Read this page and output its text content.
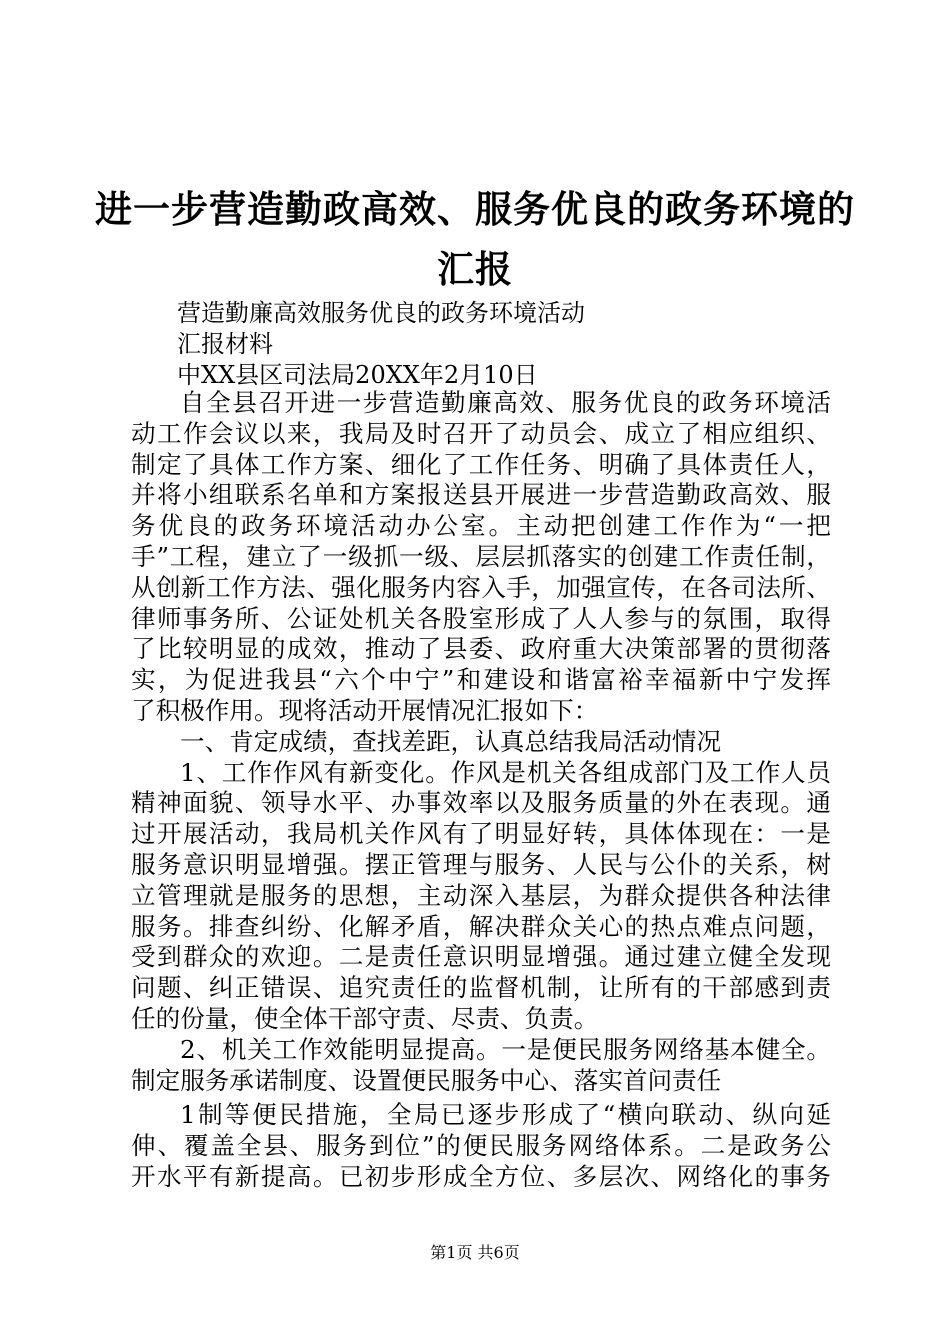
进一步营造勤政高效、服务优良的政务环境的
汇报
营造勤廉高效服务优良的政务环境活动
汇报材料
中XX县区司法局20XX年2月10日

自全县召开进一步营造勤廉高效、服务优良的政务环境活
动工作会议以来，我局及时召开了动员会、成立了相应组织、
制定了具体工作方案、细化了工作任务、明确了具体责任人，
并将小组联系名单和方案报送县开展进一步营造勤政高效、服
务优良的政务环境活动办公室。主动把创建工作作为“一把
手”工程，建立了一级抓一级、层层抓落实的创建工作责任制，
从创新工作方法、强化服务内容入手，加强宣传，在各司法所、
律师事务所、公证处机关各股室形成了人人参与的氛围，取得
了比较明显的成效，推动了县委、政府重大决策部署的贯彻落
实，为促进我县“六个中宁”和建设和谐富裕幸福新中宁发挥
了积极作用。现将活动开展情况汇报如下：

一、肯定成绩，查找差距，认真总结我局活动情况

1、工作作风有新变化。作风是机关各组成部门及工作人员
精神面貌、领导水平、办事效率以及服务质量的外在表现。通
过开展活动，我局机关作风有了明显好转，具体体现在：一是
服务意识明显增强。摆正管理与服务、人民与公仆的关系，树
立管理就是服务的思想，主动深入基层，为群众提供各种法律
服务。排查纠纷、化解矛盾，解决群众关心的热点难点问题，
受到群众的欢迎。二是责任意识明显增强。通过建立健全发现
问题、纠正错误、追究责任的监督机制，让所有的干部感到责
任的份量，使全体干部守责、尽责、负责。

2、机关工作效能明显提高。一是便民服务网络基本健全。
制定服务承诺制度、设置便民服务中心、落实首问责任

1制等便民措施，全局已逐步形成了“横向联动、纵向延
伸、覆盖全县、服务到位”的便民服务网络体系。二是政务公
开水平有新提高。已初步形成全方位、多层次、网络化的事务

第1页 共6页
